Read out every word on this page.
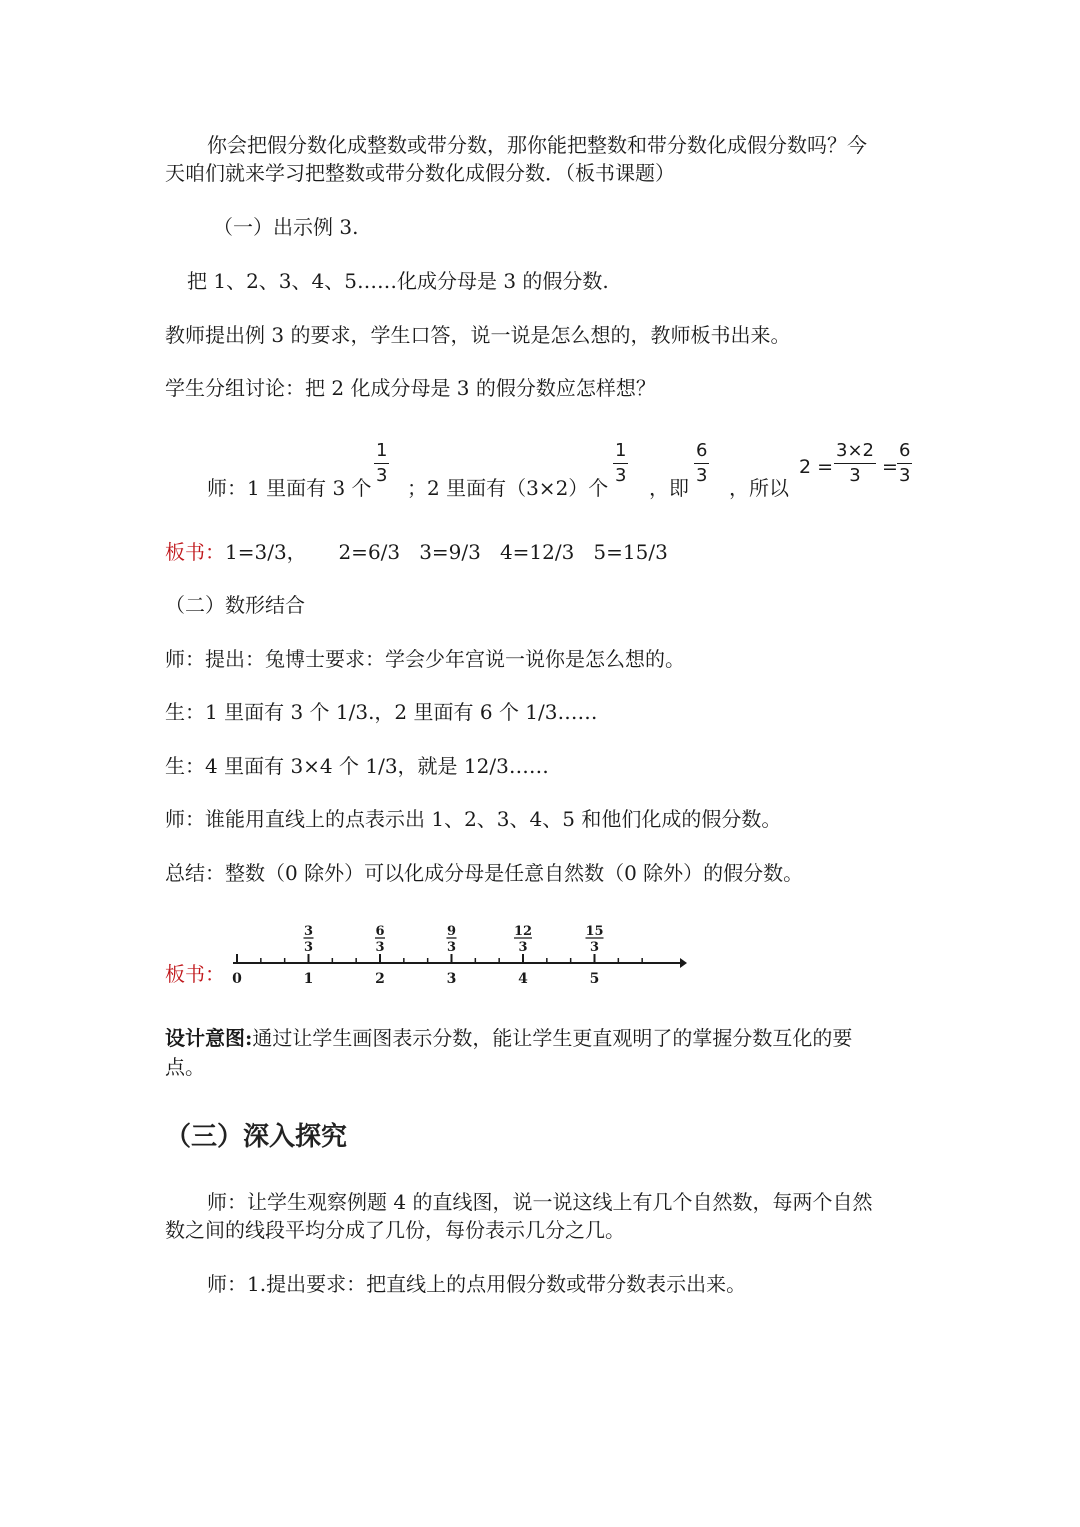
你会把假分数化成整数或带分数，那你能把整数和带分数化成假分数吗？今
天咱们就来学习把整数或带分数化成假分数．（板书课题）
（一）出示例 3.
把 1、2、3、4、5……化成分母是 3 的假分数.
教师提出例 3 的要求，学生口答，说一说是怎么想的，教师板书出来。
学生分组讨论：把 2 化成分母是 3 的假分数应怎样想？
师：1 里面有 3 个
$\frac{1}{3}$
；2 里面有（3×2）个
$\frac{1}{3}$
，即
$\frac{6}{3}$
，所以
$2 = \frac{3\times 2}{3} = \frac{6}{3}$
板书：1=3/3，     2=6/3   3=9/3   4=12/3   5=15/3
（二）数形结合
师：提出：兔博士要求：学会少年宫说一说你是怎么想的。
生：1 里面有 3 个 1/3.，2 里面有 6 个 1/3……
生：4 里面有 3×4 个 1/3，就是 12/3……
师：谁能用直线上的点表示出 1、2、3、4、5 和他们化成的假分数。
总结：整数（0 除外）可以化成分母是任意自然数（0 除外）的假分数。
板书： 0	1
3
3
2
6
3
3
9
3
4
12
3
5
15
3
设计意图:通过让学生画图表示分数，能让学生更直观明了的掌握分数互化的要
点。
（三）深入探究
师：让学生观察例题 4 的直线图，说一说这线上有几个自然数，每两个自然
数之间的线段平均分成了几份，每份表示几分之几。
师：1.提出要求：把直线上的点用假分数或带分数表示出来。
